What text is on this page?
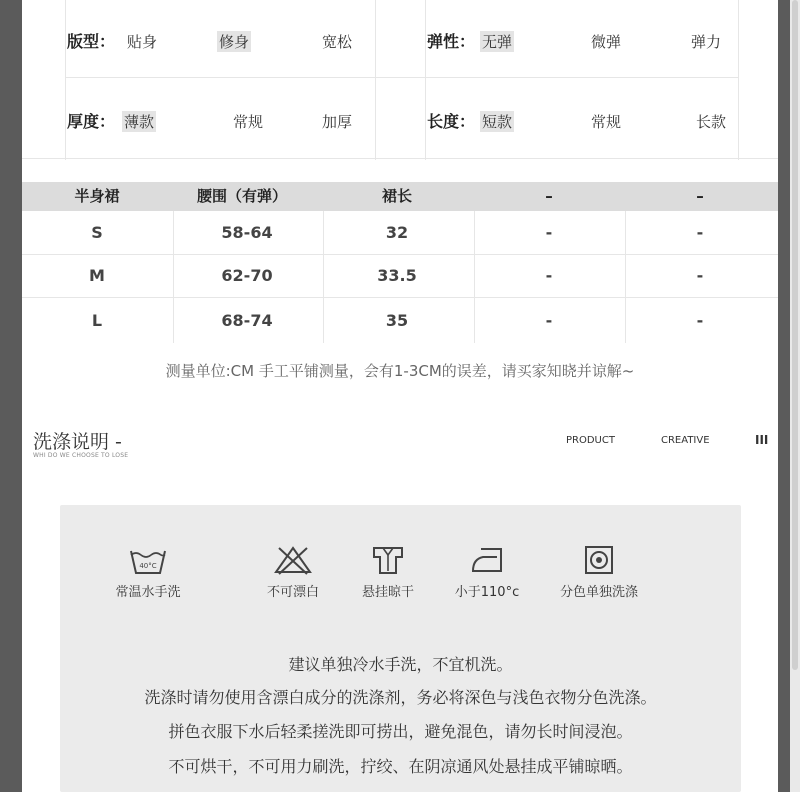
版型： 贴身	修身	宽松	弹性： 无弹	微弹	弹力
厚度： 薄款	常规	加厚	长度： 短款	常规	长款
半身裙	腰围（有弹）	裙长	–	–
S	58-64	32	-	-
M	62-70	33.5	-	-
L	68-74	35	-	-
测量单位:CM 手工平铺测量，会有1-3CM的误差，请买家知晓并谅解~
洗涤说明 -
WHI DO WE CHOOSE TO LOSE
PRODUCT	CREATIVE	III
40°C
常温水手洗	不可漂白	悬挂晾干	小于110°c	分色单独洗涤
建议单独冷水手洗，不宜机洗。
洗涤时请勿使用含漂白成分的洗涤剂，务必将深色与浅色衣物分色洗涤。
拼色衣服下水后轻柔搓洗即可捞出，避免混色，请勿长时间浸泡。
不可烘干，不可用力刷洗，拧绞、在阴凉通风处悬挂成平铺晾晒。
